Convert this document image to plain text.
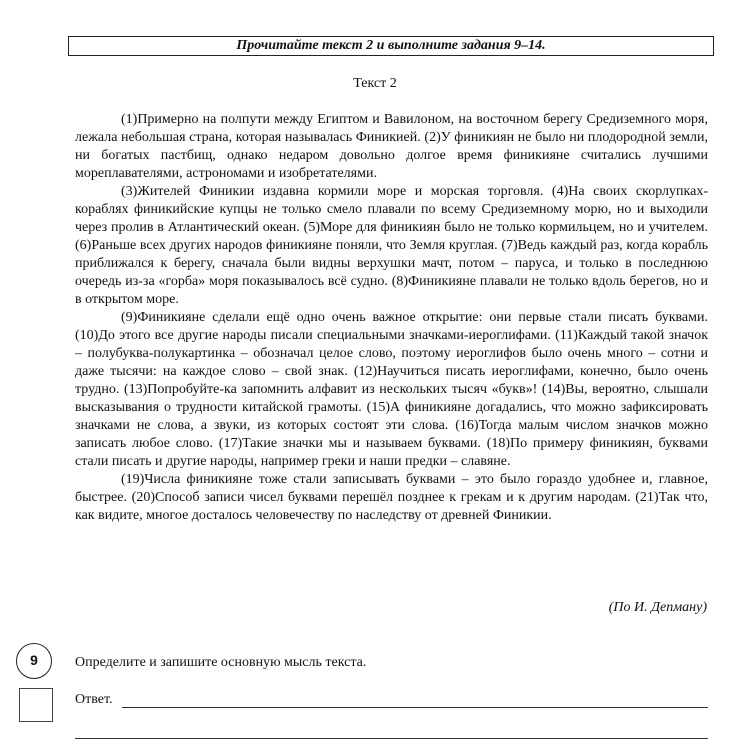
Прочитайте текст 2 и выполните задания 9–14.
Текст 2

(1)Примерно на полпути между Египтом и Вавилоном, на восточном берегу Средиземного моря, лежала небольшая страна, которая называлась Финикией. (2)У финикиян не было ни плодородной земли, ни богатых пастбищ, однако недаром довольно долгое время финикияне считались лучшими мореплавателями, астрономами и изобретателями.

(3)Жителей Финикии издавна кормили море и морская торговля. (4)На своих скорлупках-кораблях финикийские купцы не только смело плавали по всему Средиземному морю, но и выходили через пролив в Атлантический океан. (5)Море для финикиян было не только кормильцем, но и учителем. (6)Раньше всех других народов финикияне поняли, что Земля круглая. (7)Ведь каждый раз, когда корабль приближался к берегу, сначала были видны верхушки мачт, потом – паруса, и только в последнюю очередь из-за «горба» моря показывалось всё судно. (8)Финикияне плавали не только вдоль берегов, но и в открытом море.

(9)Финикияне сделали ещё одно очень важное открытие: они первые стали писать буквами. (10)До этого все другие народы писали специальными значками-иероглифами. (11)Каждый такой значок – полубуква-полукартинка – обозначал целое слово, поэтому иероглифов было очень много – сотни и даже тысячи: на каждое слово – свой знак. (12)Научиться писать иероглифами, конечно, было очень трудно. (13)Попробуйте-ка запомнить алфавит из нескольких тысяч «букв»! (14)Вы, вероятно, слышали высказывания о трудности китайской грамоты. (15)А финикияне догадались, что можно зафиксировать значками не слова, а звуки, из которых состоят эти слова. (16)Тогда малым числом значков можно записать любое слово. (17)Такие значки мы и называем буквами. (18)По примеру финикиян, буквами стали писать и другие народы, например греки и наши предки – славяне.

(19)Числа финикияне тоже стали записывать буквами – это было гораздо удобнее и, главное, быстрее. (20)Способ записи чисел буквами перешёл позднее к грекам и к другим народам. (21)Так что, как видите, многое досталось человечеству по наследству от древней Финикии.

(По И. Депману)
9	Определите и запишите основную мысль текста.
Ответ.
